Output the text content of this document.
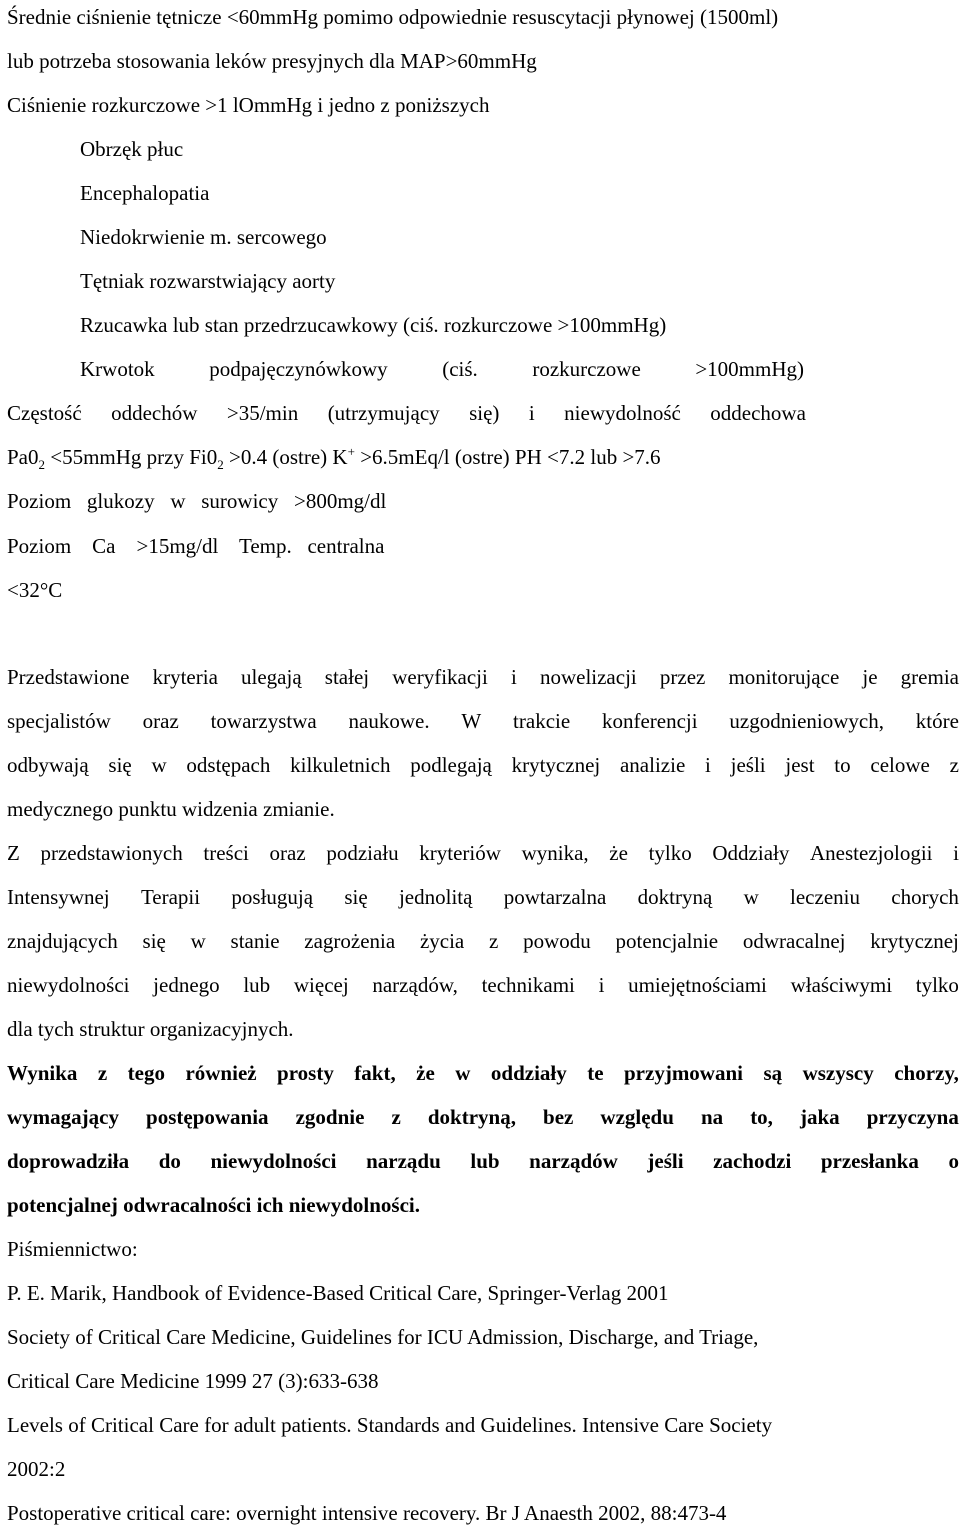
Średnie ciśnienie tętnicze <60mmHg pomimo odpowiednie resuscytacji płynowej (1500ml)
lub potrzeba stosowania leków presyjnych dla MAP>60mmHg
Ciśnienie rozkurczowe >1 lOmmHg i jedno z poniższych
Obrzęk płuc
Encephalopatia
Niedokrwienie m. sercowego
Tętniak rozwarstwiający aorty
Rzucawka lub stan przedrzucawkowy (ciś. rozkurczowe >100mmHg)
Krwotok	podpajęczynówkowy	(ciś.	rozkurczowe	>100mmHg)
Częstość oddechów >35/min (utrzymujący się) i niewydolność oddechowa
$Pa0_2$ <55mmHg przy $Fi0_2 >0.4$ (ostre) K+ >6.5mEq/l (ostre) PH <7.2 lub >7.6
Poziom   glukozy   w   surowicy   >800mg/dl
Poziom    Ca    >15mg/dl    Temp.   centralna
<32°C
Przedstawione kryteria ulegają stałej weryfikacji i nowelizacji przez monitorujące je gremia
specjalistów oraz towarzystwa naukowe. W trakcie konferencji uzgodnieniowych, które
odbywają się w odstępach kilkuletnich podlegają krytycznej analizie i jeśli jest to celowe z
medycznego punktu widzenia zmianie.
Z przedstawionych treści oraz podziału kryteriów wynika, że tylko Oddziały Anestezjologii i
Intensywnej Terapii posługują się jednolitą powtarzalna doktryną w leczeniu chorych
znajdujących się w stanie zagrożenia życia z powodu potencjalnie odwracalnej krytycznej
niewydolności jednego lub więcej narządów, technikami i umiejętnościami właściwymi tylko
dla tych struktur organizacyjnych.
Wynika z tego również prosty fakt, że w oddziały te przyjmowani są wszyscy chorzy,
wymagający postępowania zgodnie z doktryną, bez względu na to, jaka przyczyna
doprowadziła do niewydolności narządu lub narządów jeśli zachodzi przesłanka o
potencjalnej odwracalności ich niewydolności.
Piśmiennictwo:
P. E. Marik, Handbook of Evidence-Based Critical Care, Springer-Verlag 2001
Society of Critical Care Medicine, Guidelines for ICU Admission, Discharge, and Triage,
Critical Care Medicine 1999 27 (3):633-638
Levels of Critical Care for adult patients. Standards and Guidelines. Intensive Care Society
2002:2
Postoperative critical care: overnight intensive recovery. Br J Anaesth 2002, 88:473-4
